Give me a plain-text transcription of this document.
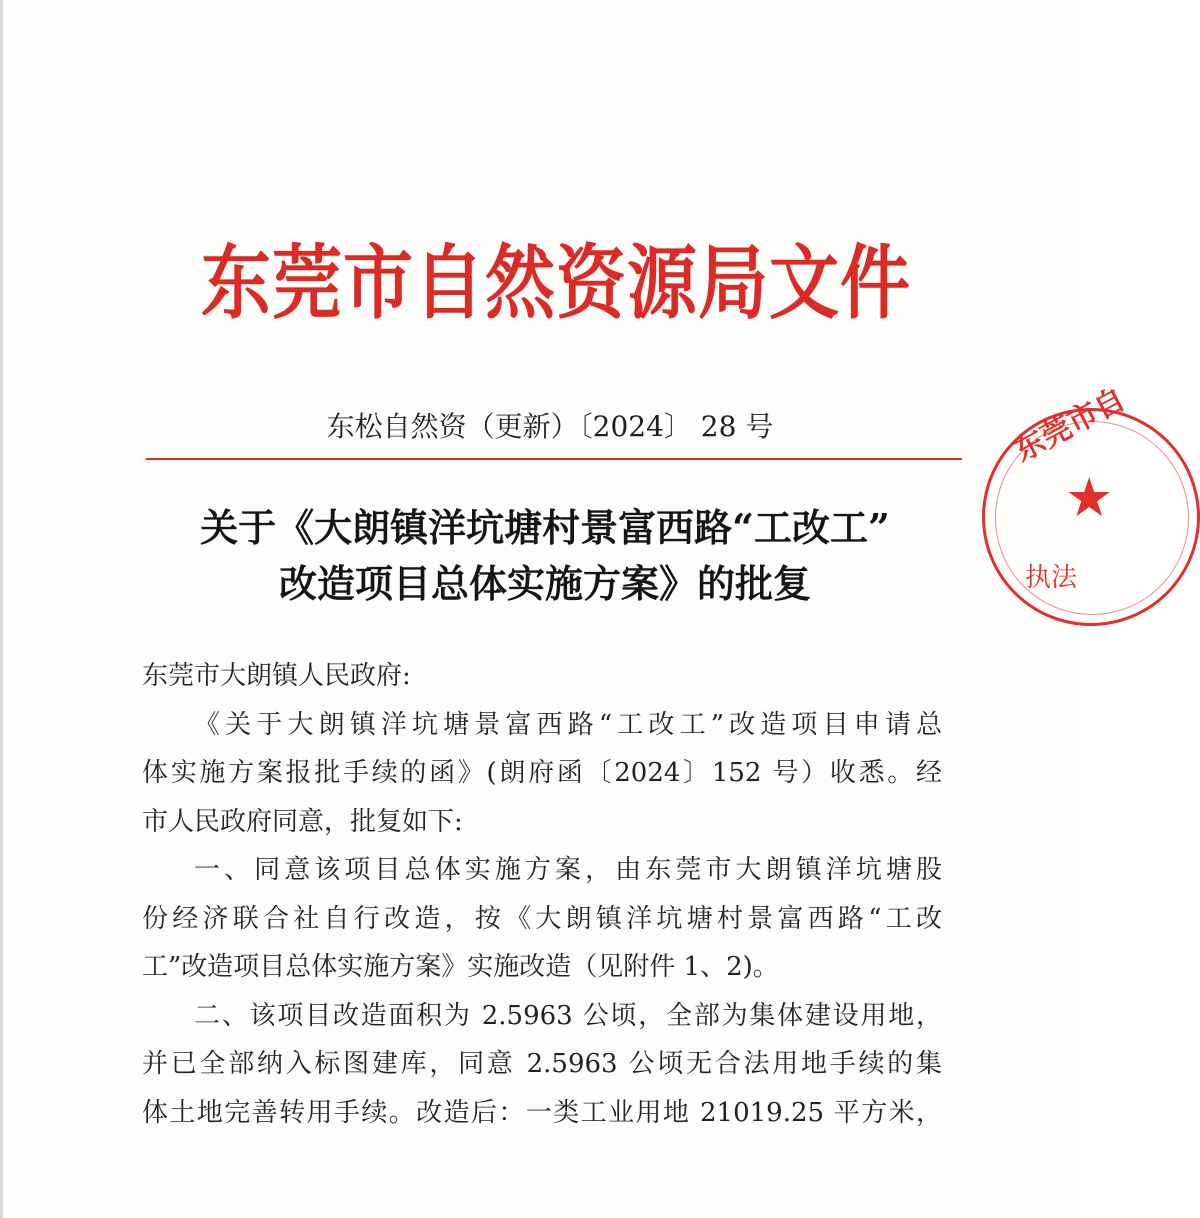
东莞市自然资源局文件
东松自然资（更新）〔2024〕 28 号
关于《大朗镇洋坑塘村景富西路“工改工”
改造项目总体实施方案》的批复
东莞市大朗镇人民政府:
《关于大朗镇洋坑塘景富西路“工改工”改造项目申请总
体实施方案报批手续的函》(朗府函〔2024〕152 号）收悉。经
市人民政府同意，批复如下:
一、同意该项目总体实施方案，由东莞市大朗镇洋坑塘股
份经济联合社自行改造，按《大朗镇洋坑塘村景富西路“工改
工”改造项目总体实施方案》实施改造（见附件 1、2)。
二、该项目改造面积为 2.5963 公顷，全部为集体建设用地，
并已全部纳入标图建库，同意 2.5963 公顷无合法用地手续的集
体土地完善转用手续。改造后：一类工业用地 21019.25 平方米，
东莞市自
★
执法
